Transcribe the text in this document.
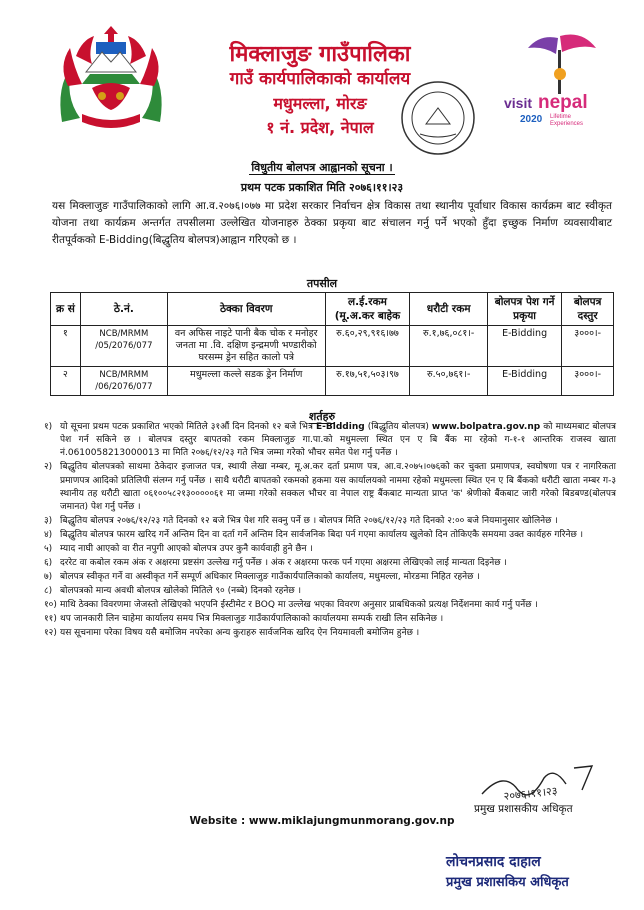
मिक्लाजुङ गाउँपालिका
गाउँ कार्यपालिकाको कार्यालय
मधुमल्ला, मोरङ
१ नं. प्रदेश, नेपाल
visit nepal
2020 Lifetime
Experiences
विधुतीय बोलपत्र आह्वानको सूचना ।
प्रथम पटक प्रकाशित मिति २०७६।११।२३
यस मिक्लाजुङ गाउँपालिकाको लागि आ.व.२०७६।०७७ मा प्रदेश सरकार निर्वाचन क्षेत्र विकास तथा स्थानीय पूर्वाधार विकास कार्यक्रम बाट स्वीकृत योजना तथा कार्यक्रम अन्तर्गत तपसीलमा उल्लेखित योजनाहरु ठेक्का प्रकृया बाट संचालन गर्नु पर्ने भएको हुँदा इच्छुक निर्माण व्यवसायीबाट रीतपूर्वकको E-Bidding(बिद्धुतिय बोलपत्र)आह्वान गरिएको छ ।
तपसील
क्र सं	ठे.नं.	ठेक्का विवरण	ल.ई.रकम (मू.अ.कर बाहेक	धरौटी रकम	बोलपत्र पेश गर्ने प्रकृया	बोलपत्र दस्तुर
१	NCB/MRMM /05/2076/077	वन अफिस नाइटे पानी बैक चोक र मनोहर जनता मा .वि. दक्षिण इन्द्रमणी भण्डारीको घरसम्म ड्रेन सहित कालो पत्रे	रु.६०,२९,९१६।७७	रु.१,७६,०८१।-	E-Bidding	३०००।-
२	NCB/MRMM /06/2076/077	मधुमल्ला कल्ले सडक ड्रेन निर्माण	रु.१७,५१,५०३।९७	रु.५०,७६१।-	E-Bidding	३०००।-
शर्तहरु
१) यो सूचना प्रथम पटक प्रकाशित भएको मितिले ३१औं दिन दिनको १२ बजे भित्र E-Bidding (बिद्धुतिय बोलपत्र) www.bolpatra.gov.np को माध्यमबाट बोलपत्र पेश गर्न सकिने छ । बोलपत्र दस्तुर बापतको रकम मिक्लाजुङ गा.पा.को मधुमल्ला स्थित एन ए बि बैंक मा रहेको ग-१-१ आन्तरिक राजस्व खाता नं.0610058213000013 मा मिति २०७६/१२/२३ गते भित्र जम्मा गरेको भौचर समेत पेश गर्नु पर्नेछ ।
२) बिद्धुतिय बोलपत्रको साथमा ठेकेदार इजाजत पत्र, स्थायी लेखा नम्बर, मू.अ.कर दर्ता प्रमाण पत्र, आ.व.२०७५।०७६को कर चुक्ता प्रमाणपत्र, स्वघोषणा पत्र र नागरिकता प्रमाणपत्र आदिको प्रतिलिपी संलग्न गर्नु पर्नेछ । साथै धरौटी बापतको रकमको हकमा यस कार्यालयको नाममा रहेको मधुमल्ला स्थित एन ए बि बैंकको धरौटी खाता नम्बर ग-३ स्थानीय तह धरौटी खाता ०६१००५८२१३०००००६१ मा जम्मा गरेको सक्कल भौचर वा नेपाल राष्ट्र बैंकबाट मान्यता प्राप्त 'क' श्रेणीको बैंकबाट जारी गरेको बिडबण्ड(बोलपत्र जमानत) पेश गर्नु पर्नेछ ।
३) बिद्धुतिय बोलपत्र २०७६/१२/२३ गते दिनको १२ बजे भित्र पेश गरि सक्नु पर्ने छ । बोलपत्र मिति २०७६/१२/२३ गते दिनको २:०० बजे नियमानुसार खोलिनेछ ।
४) बिद्धुतिय बोलपत्र फारम खरिद गर्ने अन्तिम दिन वा दर्ता गर्ने अन्तिम दिन सार्वजनिक बिदा पर्न गएमा कार्यालय खुलेको दिन तोकिएकै समयमा उक्त कार्यहरु गरिनेछ ।
५) म्याद नाघी आएको वा रीत नपुगी आएको बोलपत्र उपर कुनै कार्यवाही हुने छैन ।
६) दररेट वा कबोल रकम अंक र अक्षरमा प्रष्टसंग उल्लेख गर्नु पर्नेछ । अंक र अक्षरमा फरक पर्न गएमा अक्षरमा लेखिएको लाई मान्यता दिइनेछ ।
७) बोलपत्र स्वीकृत गर्ने वा अस्वीकृत गर्ने सम्पूर्ण अधिकार मिक्लाजुङ गाउँकार्यपालिकाको कार्यालय, मधुमल्ला, मोरङमा निहित रहनेछ ।
८) बोलपत्रको मान्य अवधी बोलपत्र खोलेको मितिले ९० (नब्बे) दिनको रहनेछ ।
१०) माथि ठेक्का विवरणमा जेजस्तो लेखिएको भएपनि ईस्टीमेट र BOQ मा उल्लेख भएका विवरण अनुसार प्राबधिकको प्रत्यक्ष निर्देशनमा कार्य गर्नु पर्नेछ ।
११) थप जानकारी लिन चाहेमा कार्यालय समय भित्र मिक्लाजुङ गाउँकार्यपालिकाको कार्यालयमा सम्पर्क राखी लिन सकिनेछ ।
१२) यस सूचनामा परेका विषय यसै बमोजिम नपरेका अन्य कुराहरु सार्वजनिक खरिद ऐन नियमावली बमोजिम हुनेछ ।
२०७६।११।२३
प्रमुख प्रशासकीय अधिकृत
Website : www.miklajungmunmorang.gov.np
लोचनप्रसाद दाहाल
प्रमुख प्रशासकिय अधिकृत
